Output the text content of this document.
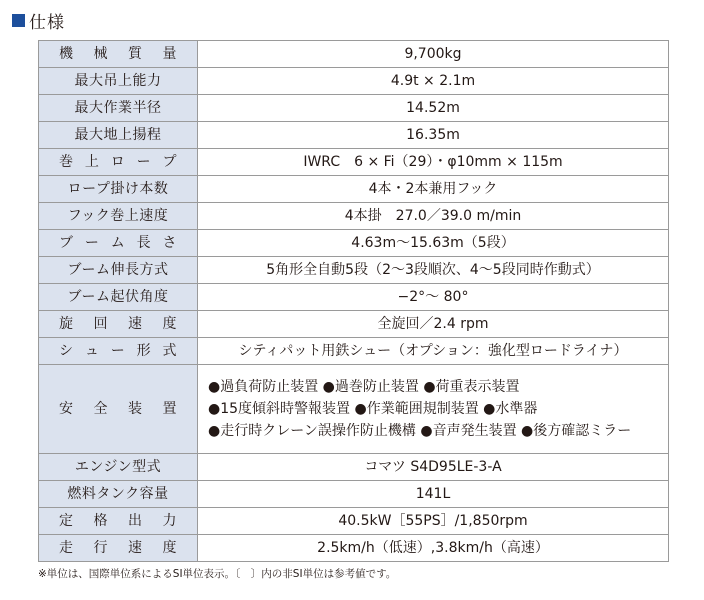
仕様
機 械 質 量	9,700kg
最大吊上能力	4.9t × 2.1m
最大作業半径	14.52m
最大地上揚程	16.35m

巻 上 ロ ー プ	IWRC　6 × Fi（29）・φ10mm × 115m
ロープ掛け本数	4本・2本兼用フック
フック巻上速度	4本掛　27.0／39.0 m/min

ブ ー ム 長 さ	4.63m〜15.63m（5段）
ブーム伸長方式	5角形全自動5段（2〜3段順次、4〜5段同時作動式）
ブーム起伏角度	−2°〜 80°

旋 回 速 度	全旋回／2.4 rpm

シ ュ ー 形 式	シティパット用鉄シュー（オプション：強化型ロードライナ）

安 全 装 置	●過負荷防止装置 ●過巻防止装置 ●荷重表示装置
●15度傾斜時警報装置 ●作業範囲規制装置 ●水準器
●走行時クレーン誤操作防止機構 ●音声発生装置 ●後方確認ミラー

エンジン型式	コマツ S4D95LE-3-A
燃料タンク容量	141L

定 格 出 力	40.5kW［55PS］/1,850rpm

走 行 速 度	2.5km/h（低速）,3.8km/h（高速）
※単位は、国際単位系によるSI単位表示。〔　〕内の非SI単位は参考値です。
